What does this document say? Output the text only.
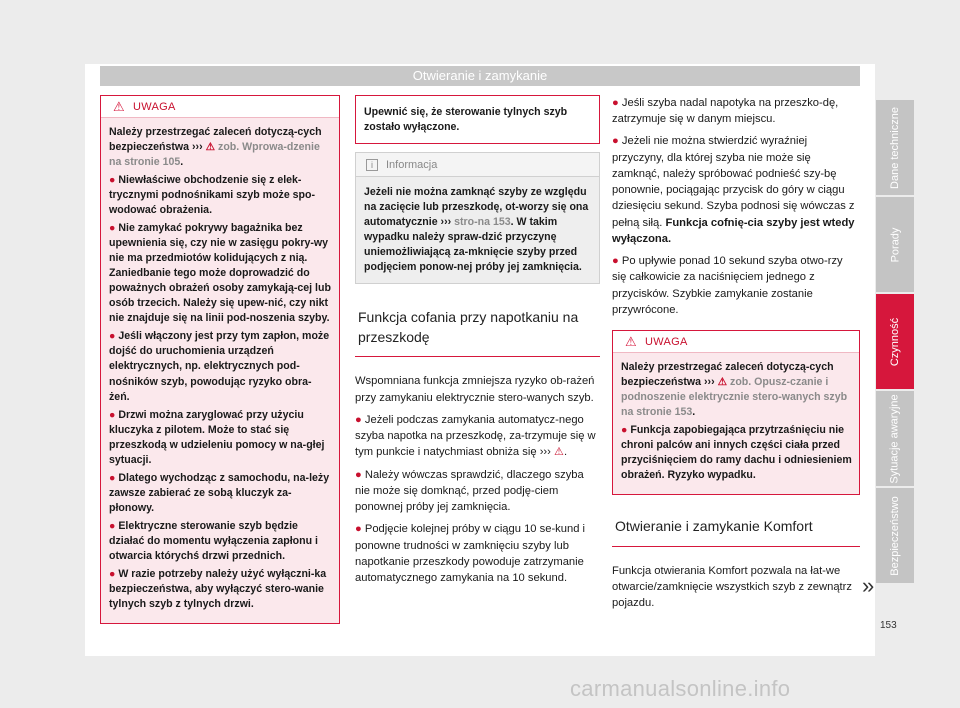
Otwieranie i zamykanie
⚠ UWAGA

Należy przestrzegać zaleceń dotyczą-cych bezpieczeństwa ››› ⚠ zob. Wprowa-dzenie na stronie 105.

● Niewłaściwe obchodzenie się z elek-trycznymi podnośnikami szyb może spo-wodować obrażenia.

● Nie zamykać pokrywy bagażnika bez upewnienia się, czy nie w zasięgu pokry-wy nie ma przedmiotów kolidujących z nią. Zaniedbanie tego może doprowadzić do poważnych obrażeń osoby zamykają-cej lub osób trzecich. Należy się upew-nić, czy nikt nie znajduje się na linii pod-noszenia szyby.

● Jeśli włączony jest przy tym zapłon, może dojść do uruchomienia urządzeń elektrycznych, np. elektrycznych pod-nośników szyb, powodując ryzyko obra-żeń.

● Drzwi można zaryglować przy użyciu kluczyka z pilotem. Może to stać się przeszkodą w udzieleniu pomocy w na-głej sytuacji.

● Dlatego wychodząc z samochodu, na-leży zawsze zabierać ze sobą kluczyk za-płonowy.

● Elektryczne sterowanie szyb będzie działać do momentu wyłączenia zapłonu i otwarcia którychś drzwi przednich.

● W razie potrzeby należy użyć wyłączni-ka bezpieczeństwa, aby wyłączyć stero-wanie tylnych szyb z tylnych drzwi.

Upewnić się, że sterowanie tylnych szyb zostało wyłączone.
i	Informacja
Jeżeli nie można zamknąć szyby ze względu na zacięcie lub przeszkodę, ot-worzy się ona automatycznie ››› stro-na 153. W takim wypadku należy spraw-dzić przyczynę uniemożliwiającą za-mknięcie szyby przed podjęciem ponow-nej próby jej zamknięcia.
Funkcja cofania przy napotkaniu na przeszkodę

Wspomniana funkcja zmniejsza ryzyko ob-rażeń przy zamykaniu elektrycznie stero-wanych szyb.

● Jeżeli podczas zamykania automatycz-nego szyba napotka na przeszkodę, za-trzymuje się w tym punkcie i natychmiast obniża się ››› ⚠.

● Należy wówczas sprawdzić, dlaczego szyba nie może się domknąć, przed podję-ciem ponownej próby jej zamknięcia.

● Podjęcie kolejnej próby w ciągu 10 se-kund i ponowne trudności w zamknięciu szyby lub napotkanie przeszkody powoduje zatrzymanie automatycznego zamykania na 10 sekund.

● Jeśli szyba nadal napotyka na przeszko-dę, zatrzymuje się w danym miejscu.

● Jeżeli nie można stwierdzić wyraźniej przyczyny, dla której szyba nie może się zamknąć, należy spróbować podnieść szy-bę ponownie, pociągając przycisk do góry w ciągu dziesięciu sekund. Szyba podnosi się wówczas z pełną siłą. Funkcja cofnię-cia szyby jest wtedy wyłączona.

● Po upływie ponad 10 sekund szyba otwo-rzy się całkowicie za naciśnięciem jednego z przycisków. Szybkie zamykanie zostanie przywrócone.

⚠ UWAGA

Należy przestrzegać zaleceń dotyczą-cych bezpieczeństwa ››› ⚠ zob. Opusz-czanie i podnoszenie elektrycznie stero-wanych szyb na stronie 153.

● Funkcja zapobiegająca przytrzaśnięciu nie chroni palców ani innych części ciała przed przyciśnięciem do ramy dachu i odniesieniem obrażeń. Ryzyko wypadku.

Otwieranie i zamykanie Komfort

Funkcja otwierania Komfort pozwala na łat-we otwarcie/zamknięcie wszystkich szyb z zewnątrz pojazdu.

»
Dane techniczne
Porady
Czynność
Sytuacje awaryjne
Bezpieczeństwo
153
carmanualsonline.info
